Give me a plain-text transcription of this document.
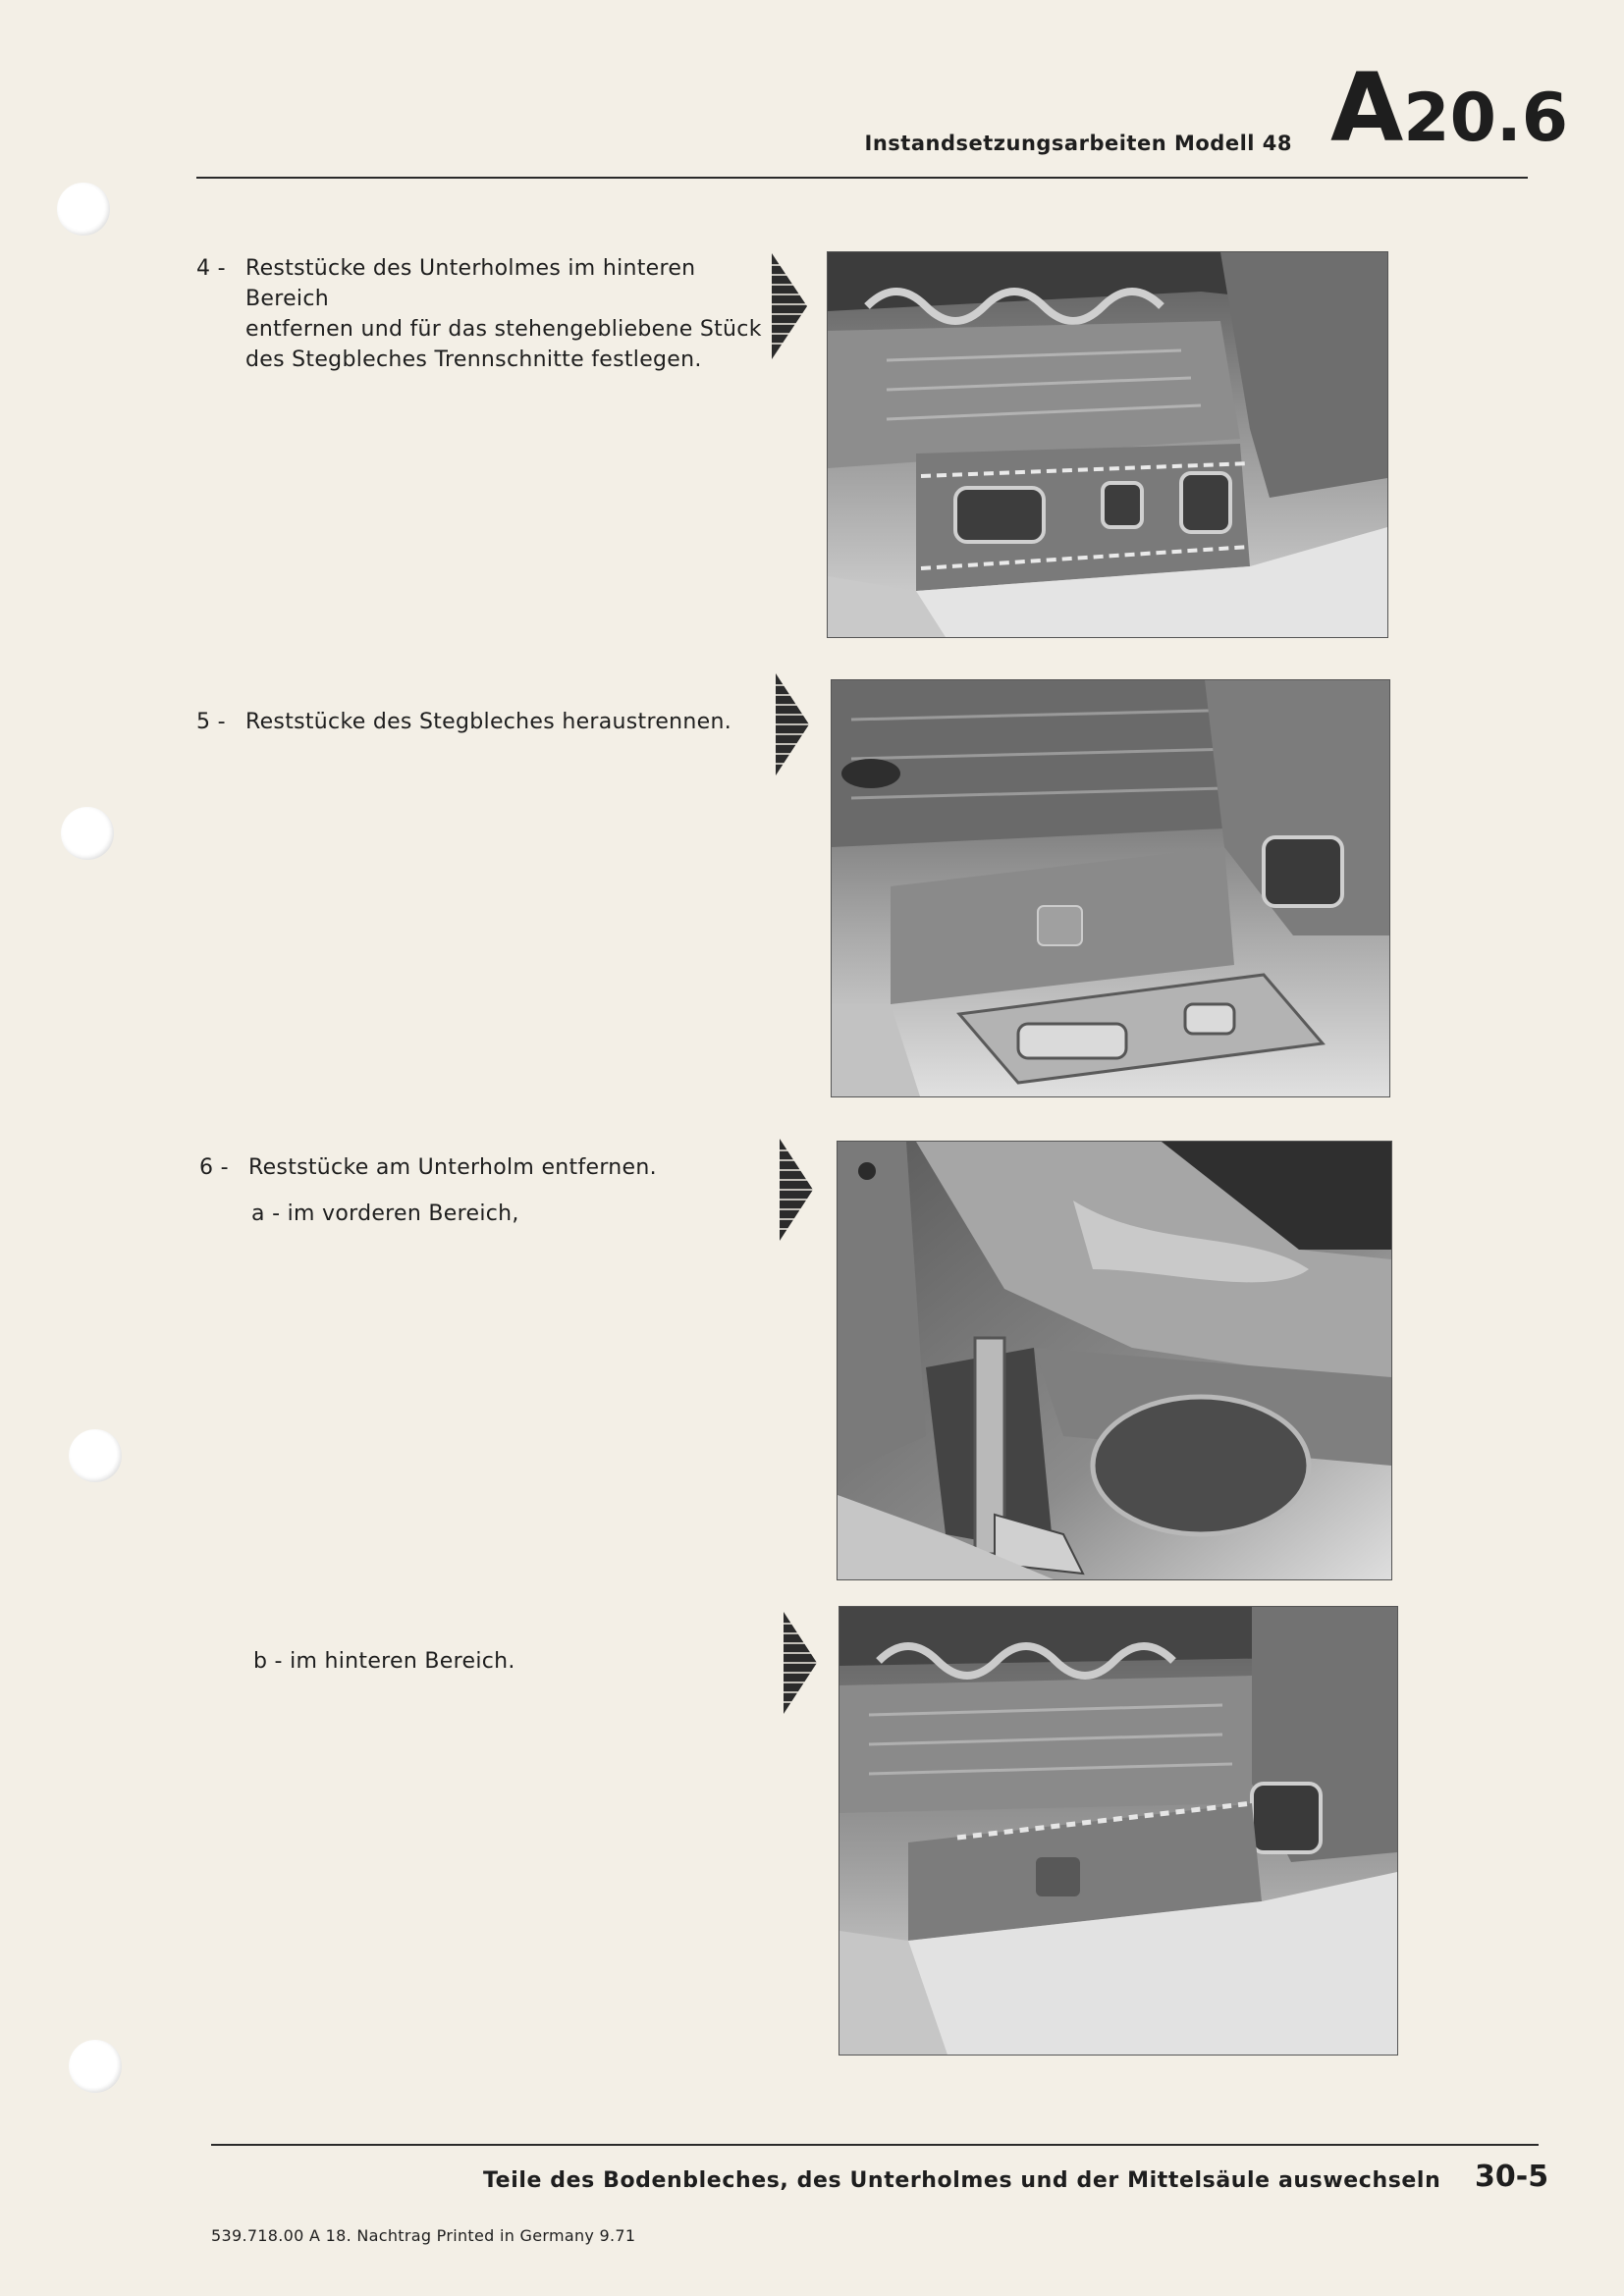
Instandsetzungsarbeiten Modell 48 A20.6
4 - Reststücke des Unterholmes im hinteren Bereich
entfernen und für das stehengebliebene Stück
des Stegbleches Trennschnitte festlegen.
5 - Reststücke des Stegbleches heraustrennen.
6 - Reststücke am Unterholm entfernen.
a - im vorderen Bereich,
b - im hinteren Bereich.
Teile des Bodenbleches, des Unterholmes und der Mittelsäule auswechseln 30-5
539.718.00 A 18. Nachtrag Printed in Germany 9.71
